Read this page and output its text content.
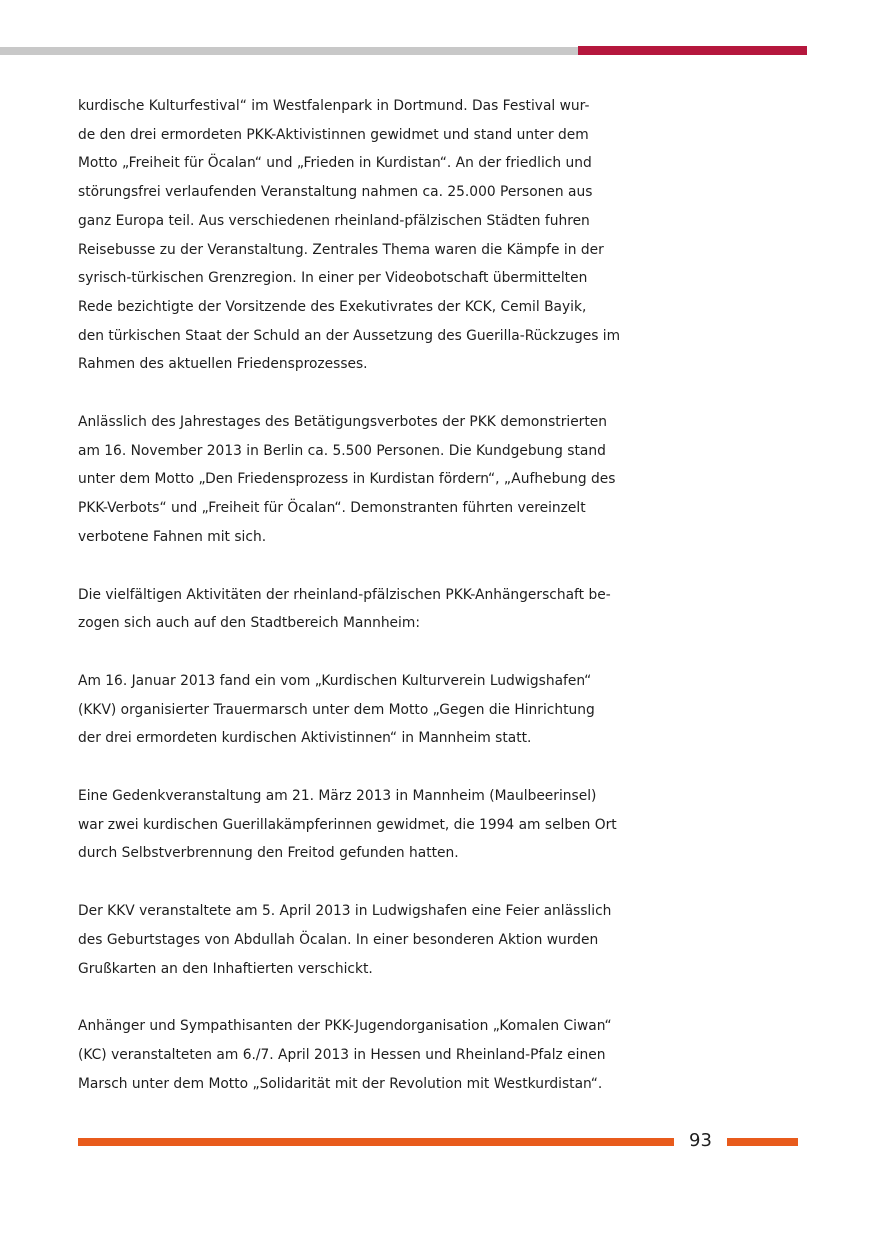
kurdische Kulturfestival“ im Westfalenpark in Dortmund. Das Festival wur-
de den drei ermordeten PKK-Aktivistinnen gewidmet und stand unter dem
Motto „Freiheit für Öcalan“ und „Frieden in Kurdistan“. An der friedlich und
störungsfrei verlaufenden Veranstaltung nahmen ca. 25.000 Personen aus
ganz Europa teil. Aus verschiedenen rheinland-pfälzischen Städten fuhren
Reisebusse zu der Veranstaltung. Zentrales Thema waren die Kämpfe in der
syrisch-türkischen Grenzregion. In einer per Videobotschaft übermittelten
Rede bezichtigte der Vorsitzende des Exekutivrates der KCK, Cemil Bayik,
den türkischen Staat der Schuld an der Aussetzung des Guerilla-Rückzuges im
Rahmen des aktuellen Friedensprozesses.

Anlässlich des Jahrestages des Betätigungsverbotes der PKK demonstrierten
am 16. November 2013 in Berlin ca. 5.500 Personen. Die Kundgebung stand
unter dem Motto „Den Friedensprozess in Kurdistan fördern“, „Aufhebung des
PKK-Verbots“ und „Freiheit für Öcalan“. Demonstranten führten vereinzelt
verbotene Fahnen mit sich.

Die vielfältigen Aktivitäten der rheinland-pfälzischen PKK-Anhängerschaft be-
zogen sich auch auf den Stadtbereich Mannheim:

Am 16. Januar 2013 fand ein vom „Kurdischen Kulturverein Ludwigshafen“
(KKV) organisierter Trauermarsch unter dem Motto „Gegen die Hinrichtung
der drei ermordeten kurdischen Aktivistinnen“ in Mannheim statt.

Eine Gedenkveranstaltung am 21. März 2013 in Mannheim (Maulbeerinsel)
war zwei kurdischen Guerillakämpferinnen gewidmet, die 1994 am selben Ort
durch Selbstverbrennung den Freitod gefunden hatten.

Der KKV veranstaltete am 5. April 2013 in Ludwigshafen eine Feier anlässlich
des Geburtstages von Abdullah Öcalan. In einer besonderen Aktion wurden
Grußkarten an den Inhaftierten verschickt.

Anhänger und Sympathisanten der PKK-Jugendorganisation „Komalen Ciwan“
(KC) veranstalteten am 6./7. April 2013 in Hessen und Rheinland-Pfalz einen
Marsch unter dem Motto „Solidarität mit der Revolution mit Westkurdistan“.

93
